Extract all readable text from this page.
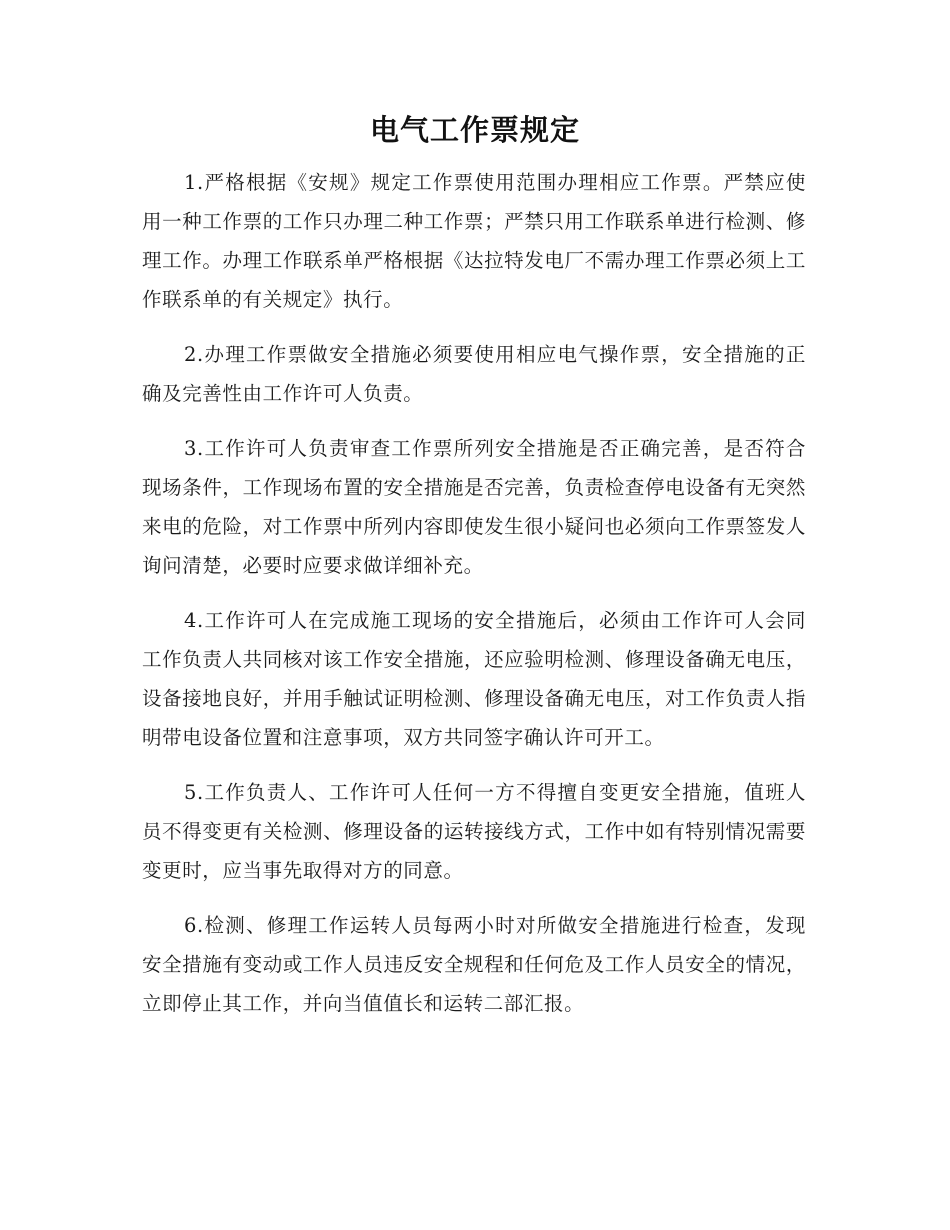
电气工作票规定

1.严格根据《安规》规定工作票使用范围办理相应工作票。严禁应使用一种工作票的工作只办理二种工作票；严禁只用工作联系单进行检测、修理工作。办理工作联系单严格根据《达拉特发电厂不需办理工作票必须上工作联系单的有关规定》执行。

2.办理工作票做安全措施必须要使用相应电气操作票，安全措施的正确及完善性由工作许可人负责。

3.工作许可人负责审查工作票所列安全措施是否正确完善，是否符合现场条件，工作现场布置的安全措施是否完善，负责检查停电设备有无突然来电的危险，对工作票中所列内容即使发生很小疑问也必须向工作票签发人询问清楚，必要时应要求做详细补充。

4.工作许可人在完成施工现场的安全措施后，必须由工作许可人会同工作负责人共同核对该工作安全措施，还应验明检测、修理设备确无电压，设备接地良好，并用手触试证明检测、修理设备确无电压，对工作负责人指明带电设备位置和注意事项，双方共同签字确认许可开工。

5.工作负责人、工作许可人任何一方不得擅自变更安全措施，值班人员不得变更有关检测、修理设备的运转接线方式，工作中如有特别情况需要变更时，应当事先取得对方的同意。

6.检测、修理工作运转人员每两小时对所做安全措施进行检查，发现安全措施有变动或工作人员违反安全规程和任何危及工作人员安全的情况，立即停止其工作，并向当值值长和运转二部汇报。
